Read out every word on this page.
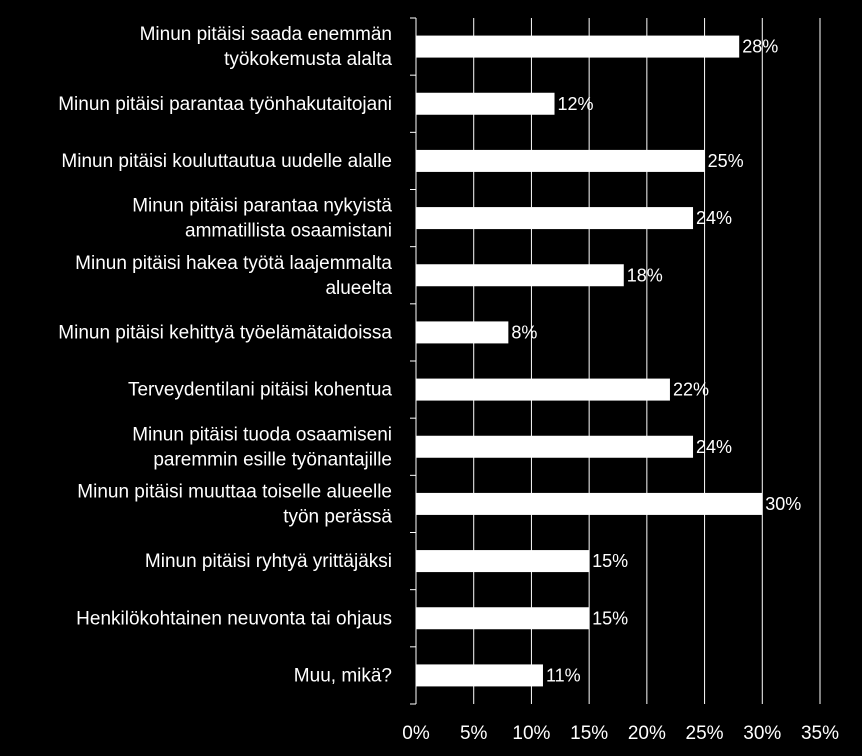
Minun pitäisi saada enemmän työkokemusta alalta
Minun pitäisi parantaa työnhakutaitojani
Minun pitäisi kouluttautua uudelle alalle
Minun pitäisi parantaa nykyistä ammatillista osaamistani
Minun pitäisi hakea työtä laajemmalta alueelta
Minun pitäisi kehittyä työelämätaidoissa
Terveydentilani pitäisi kohentua
Minun pitäisi tuoda osaamiseni paremmin esille työnantajille
Minun pitäisi muuttaa toiselle alueelle työn perässä
Minun pitäisi ryhtyä yrittäjäksi
Henkilökohtainen neuvonta tai ohjaus
Muu, mikä?
28%
12%
25%
24%
18%
8%
22%
24%
30%
15%
15%
11%
0% 5% 10% 15% 20% 25% 30% 35%
